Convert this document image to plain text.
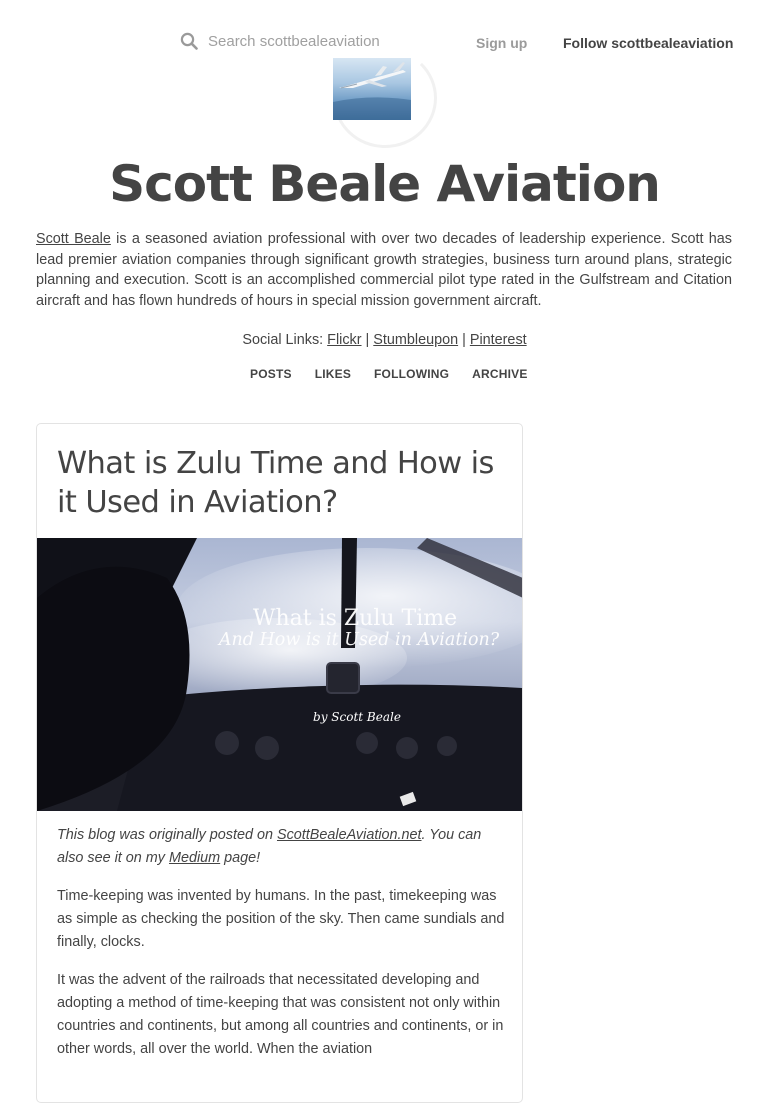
Search scottbealeaviation
Sign up	Follow scottbealeaviation
Scott Beale Aviation

Scott Beale is a seasoned aviation professional with over two decades of leadership experience. Scott has lead premier aviation companies through significant growth strategies, business turn around plans, strategic planning and execution. Scott is an accomplished commercial pilot type rated in the Gulfstream and Citation aircraft and has flown hundreds of hours in special mission government aircraft.

Social Links: Flickr | Stumbleupon | Pinterest
POSTS LIKES FOLLOWING ARCHIVE
What is Zulu Time and How is it Used in Aviation?
What is Zulu Time
And How is it Used in Aviation?
by Scott Beale

This blog was originally posted on ScottBealeAviation.net. You can also see it on my Medium page!

Time-keeping was invented by humans. In the past, timekeeping was as simple as checking the position of the sky. Then came sundials and finally, clocks.

It was the advent of the railroads that necessitated developing and adopting a method of time-keeping that was consistent not only within countries and continents, but among all countries and continents, or in other words, all over the world. When the aviation
